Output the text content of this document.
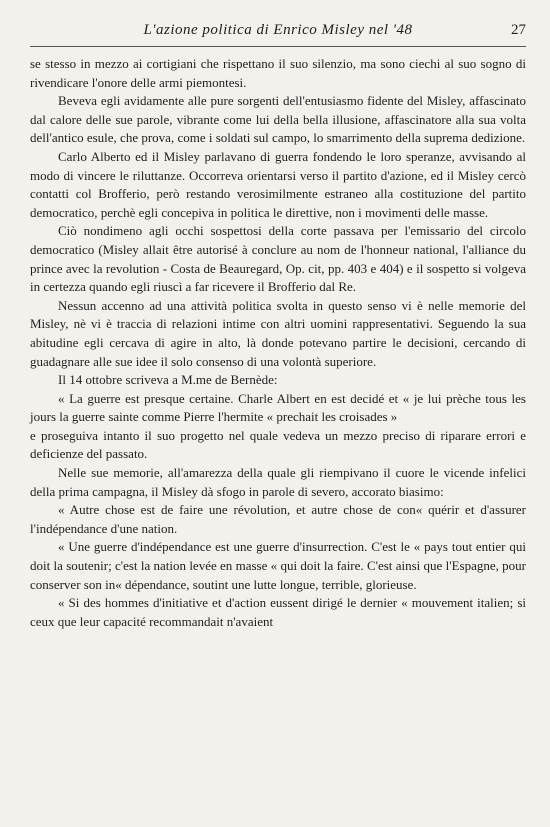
L'azione politica di Enrico Misley nel '48	27

se stesso in mezzo ai cortigiani che rispettano il suo silenzio, ma sono ciechi al suo sogno di rivendicare l'onore delle armi piemontesi.

Beveva egli avidamente alle pure sorgenti dell'entusiasmo fidente del Misley, affascinato dal calore delle sue parole, vibrante come lui della bella illusione, affascinatore alla sua volta dell'antico esule, che prova, come i soldati sul campo, lo smarrimento della suprema dedizione.

Carlo Alberto ed il Misley parlavano di guerra fondendo le loro speranze, avvisando al modo di vincere le riluttanze. Occorreva orientarsi verso il partito d'azione, ed il Misley cercò contatti col Brofferio, però restando verosimilmente estraneo alla costituzione del partito democratico, perchè egli concepiva in politica le direttive, non i movimenti delle masse.

Ciò nondimeno agli occhi sospettosi della corte passava per l'emissario del circolo democratico (Misley allait être autorisé à conclure au nom de l'honneur national, l'alliance du prince avec la revolution - Costa de Beauregard, Op. cit, pp. 403 e 404) e il sospetto si volgeva in certezza quando egli riuscì a far ricevere il Brofferio dal Re.

Nessun accenno ad una attività politica svolta in questo senso vi è nelle memorie del Misley, nè vi è traccia di relazioni intime con altri uomini rappresentativi. Seguendo la sua abitudine egli cercava di agire in alto, là donde potevano partire le decisioni, cercando di guadagnare alle sue idee il solo consenso di una volontà superiore.

Il 14 ottobre scriveva a M.me de Bernède:

« La guerre est presque certaine. Charle Albert en est decidé et « je lui prèche tous les jours la guerre sainte comme Pierre l'hermite « prechait les croisades »

e proseguiva intanto il suo progetto nel quale vedeva un mezzo preciso di riparare errori e deficienze del passato.

Nelle sue memorie, all'amarezza della quale gli riempivano il cuore le vicende infelici della prima campagna, il Misley dà sfogo in parole di severo, accorato biasimo:

« Autre chose est de faire une révolution, et autre chose de con« quérir et d'assurer l'indépendance d'une nation.

« Une guerre d'indépendance est une guerre d'insurrection. C'est le « pays tout entier qui doit la soutenir; c'est la nation levée en masse « qui doit la faire. C'est ainsi que l'Espagne, pour conserver son in« dépendance, soutint une lutte longue, terrible, glorieuse.

« Si des hommes d'initiative et d'action eussent dirigé le dernier « mouvement italien; si ceux que leur capacité recommandait n'avaient
